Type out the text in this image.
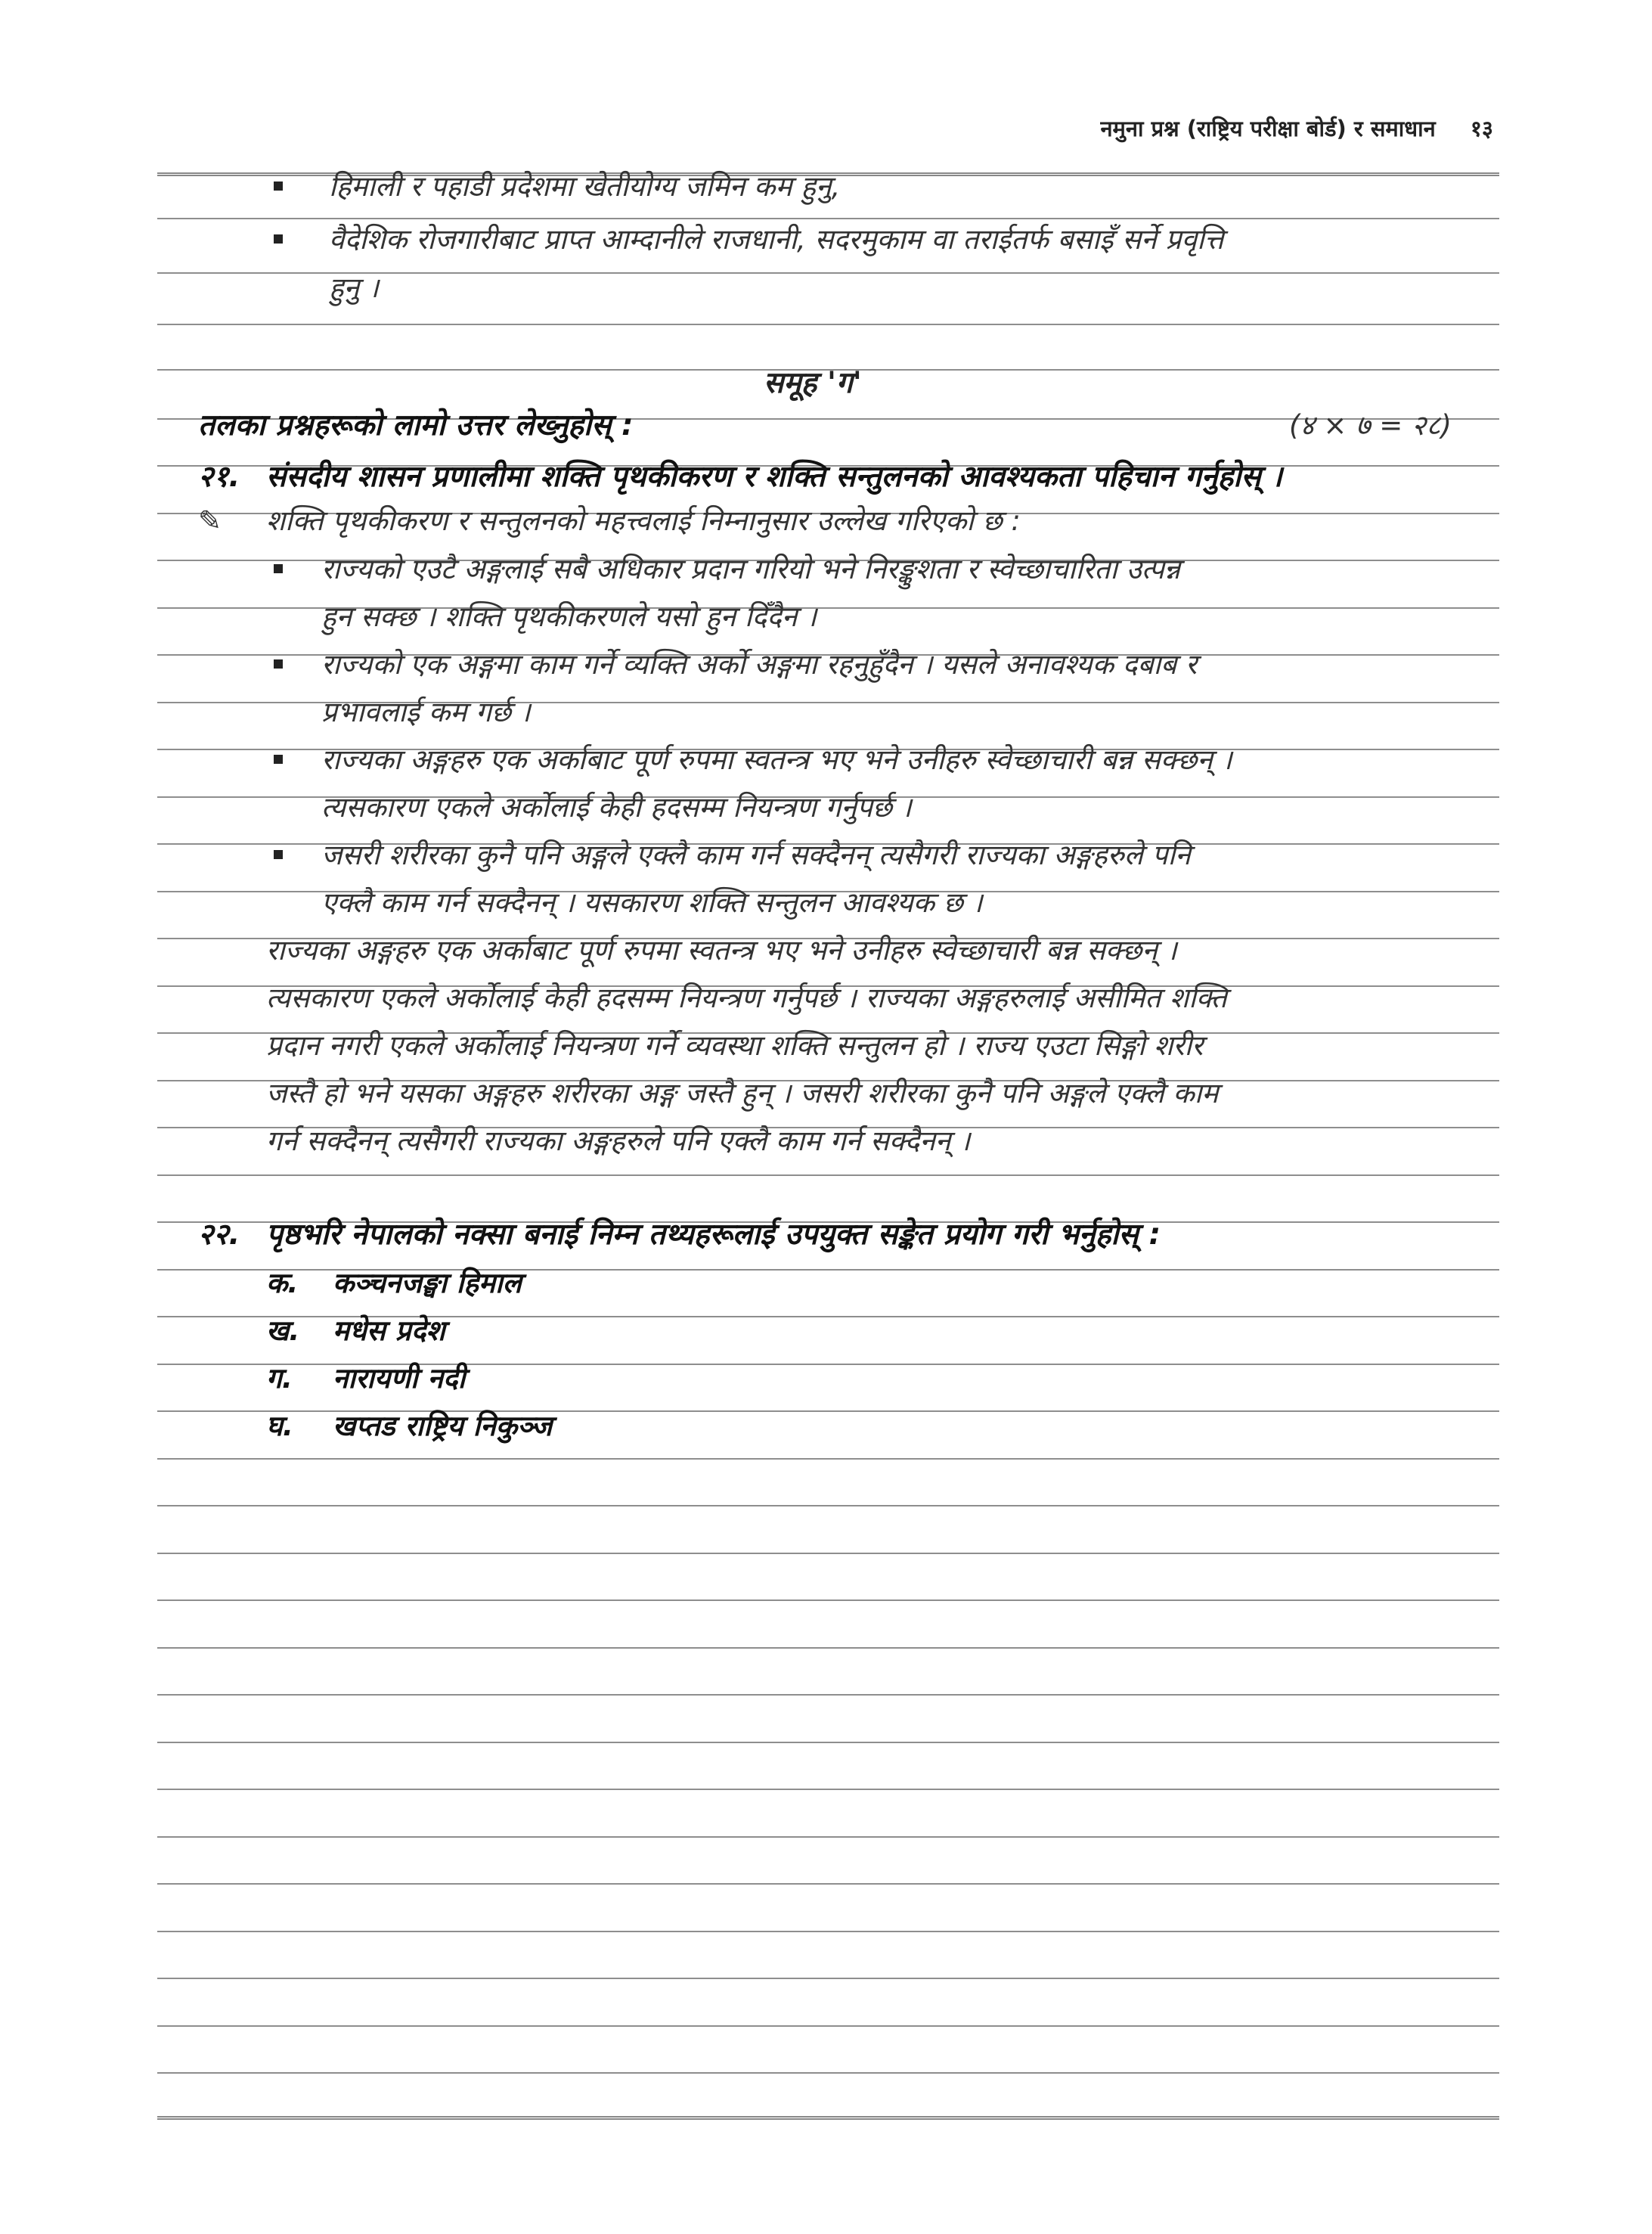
नमुना प्रश्न (राष्ट्रिय परीक्षा बोर्ड) र समाधान १३
हिमाली र पहाडी प्रदेशमा खेतीयोग्य जमिन कम हुनु,
वैदेशिक रोजगारीबाट प्राप्त आम्दानीले राजधानी, सदरमुकाम वा तराईतर्फ बसाइँ सर्ने प्रवृत्ति
हुनु ।
समूह 'ग'
तलका प्रश्नहरूको लामो उत्तर लेख्नुहोस् :	(४ × ७ = २८)
२१. संसदीय शासन प्रणालीमा शक्ति पृथकीकरण र शक्ति सन्तुलनको आवश्यकता पहिचान गर्नुहोस् ।
✎ शक्ति पृथकीकरण र सन्तुलनको महत्त्वलाई निम्नानुसार उल्लेख गरिएको छ :
राज्यको एउटै अङ्गलाई सबै अधिकार प्रदान गरियो भने निरङ्कुशता र स्वेच्छाचारिता उत्पन्न
हुन सक्छ । शक्ति पृथकीकरणले यसो हुन दिँदैन ।
राज्यको एक अङ्गमा काम गर्ने व्यक्ति अर्को अङ्गमा रहनुहुँदैन । यसले अनावश्यक दबाब र
प्रभावलाई कम गर्छ ।
राज्यका अङ्गहरु एक अर्काबाट पूर्ण रुपमा स्वतन्त्र भए भने उनीहरु स्वेच्छाचारी बन्न सक्छन् ।
त्यसकारण एकले अर्कोलाई केही हदसम्म नियन्त्रण गर्नुपर्छ ।
जसरी शरीरका कुनै पनि अङ्गले एक्लै काम गर्न सक्दैनन् त्यसैगरी राज्यका अङ्गहरुले पनि
एक्लै काम गर्न सक्दैनन् । यसकारण शक्ति सन्तुलन आवश्यक छ ।
राज्यका अङ्गहरु एक अर्काबाट पूर्ण रुपमा स्वतन्त्र भए भने उनीहरु स्वेच्छाचारी बन्न सक्छन् ।
त्यसकारण एकले अर्कोलाई केही हदसम्म नियन्त्रण गर्नुपर्छ । राज्यका अङ्गहरुलाई असीमित शक्ति
प्रदान नगरी एकले अर्कोलाई नियन्त्रण गर्ने व्यवस्था शक्ति सन्तुलन हो । राज्य एउटा सिङ्गो शरीर
जस्तै हो भने यसका अङ्गहरु शरीरका अङ्ग जस्तै हुन् । जसरी शरीरका कुनै पनि अङ्गले एक्लै काम
गर्न सक्दैनन् त्यसैगरी राज्यका अङ्गहरुले पनि एक्लै काम गर्न सक्दैनन् ।
२२. पृष्ठभरि नेपालको नक्सा बनाई निम्न तथ्यहरूलाई उपयुक्त सङ्केत प्रयोग गरी भर्नुहोस् :
क. कञ्चनजङ्घा हिमाल
ख. मधेस प्रदेश
ग. नारायणी नदी
घ. खप्तड राष्ट्रिय निकुञ्ज
